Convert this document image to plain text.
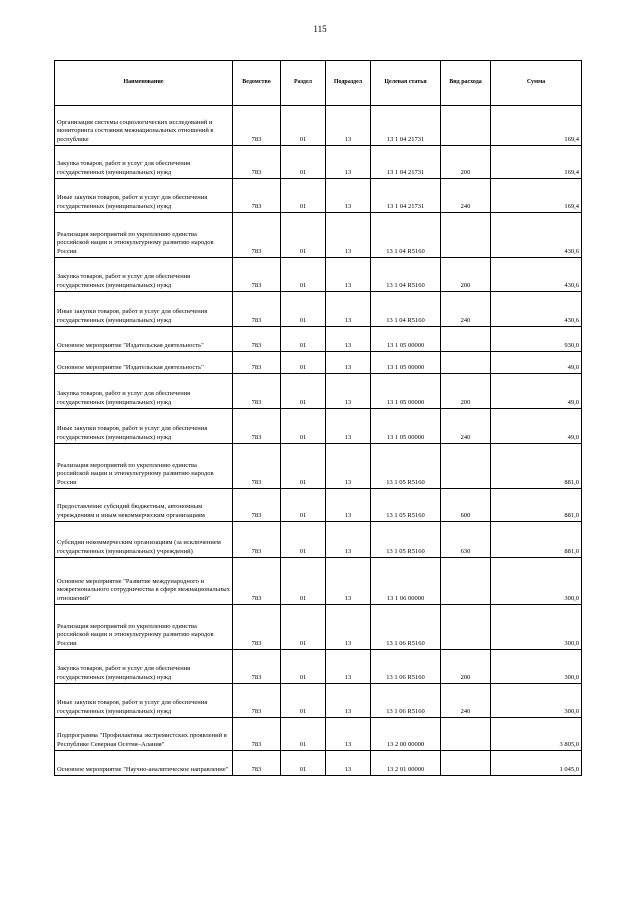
115
Наименование	Ведомство	Раздел	Подраздел	Целевая статья	Вид расхода	Сумма
Организация системы социологических исследований и мониторинга состояния межнациональных отношений в республике	783	01	13	13 1 04 21731		169,4
Закупка товаров, работ и услуг для обеспечения государственных (муниципальных) нужд	783	01	13	13 1 04 21731	200	169,4
Иные закупки товаров, работ и услуг для обеспечения государственных (муниципальных) нужд	783	01	13	13 1 04 21731	240	169,4
Реализация мероприятий по укреплению единства российской нации и этнокультурному развитию народов России	783	01	13	13 1 04 R5160		430,6
Закупка товаров, работ и услуг для обеспечения государственных (муниципальных) нужд	783	01	13	13 1 04 R5160	200	430,6
Иные закупки товаров, работ и услуг для обеспечения государственных (муниципальных) нужд	783	01	13	13 1 04 R5160	240	430,6
Основное мероприятие "Издательская деятельность"	783	01	13	13 1 05 00000		930,0
Основное мероприятие "Издательская деятельность"	783	01	13	13 1 05 00000		49,0
Закупка товаров, работ и услуг для обеспечения государственных (муниципальных) нужд	783	01	13	13 1 05 00000	200	49,0
Иные закупки товаров, работ и услуг для обеспечения государственных (муниципальных) нужд	783	01	13	13 1 05 00000	240	49,0
Реализация мероприятий по укреплению единства российской нации и этнокультурному развитию народов России	783	01	13	13 1 05 R5160		881,0
Предоставление субсидий бюджетным, автономным учреждениям и иным некоммерческим организациям	783	01	13	13 1 05 R5160	600	881,0
Субсидии некоммерческим организациям (за исключением государственных (муниципальных) учреждений)	783	01	13	13 1 05 R5160	630	881,0
Основное мероприятие "Развитие международного и межрегионального сотрудничества в сфере межнациональных отношений"	783	01	13	13 1 06 00000		300,0
Реализация мероприятий по укреплению единства российской нации и этнокультурному развитию народов России	783	01	13	13 1 06 R5160		300,0
Закупка товаров, работ и услуг для обеспечения государственных (муниципальных) нужд	783	01	13	13 1 06 R5160	200	300,0
Иные закупки товаров, работ и услуг для обеспечения государственных (муниципальных) нужд	783	01	13	13 1 06 R5160	240	300,0
Подпрограмма "Профилактика экстремистских проявлений в Республике Северная Осетия–Алания"	783	01	13	13 2 00 00000		3 805,0
Основное мероприятие "Научно-аналитическое направление"	783	01	13	13 2 01 00000		1 045,0
